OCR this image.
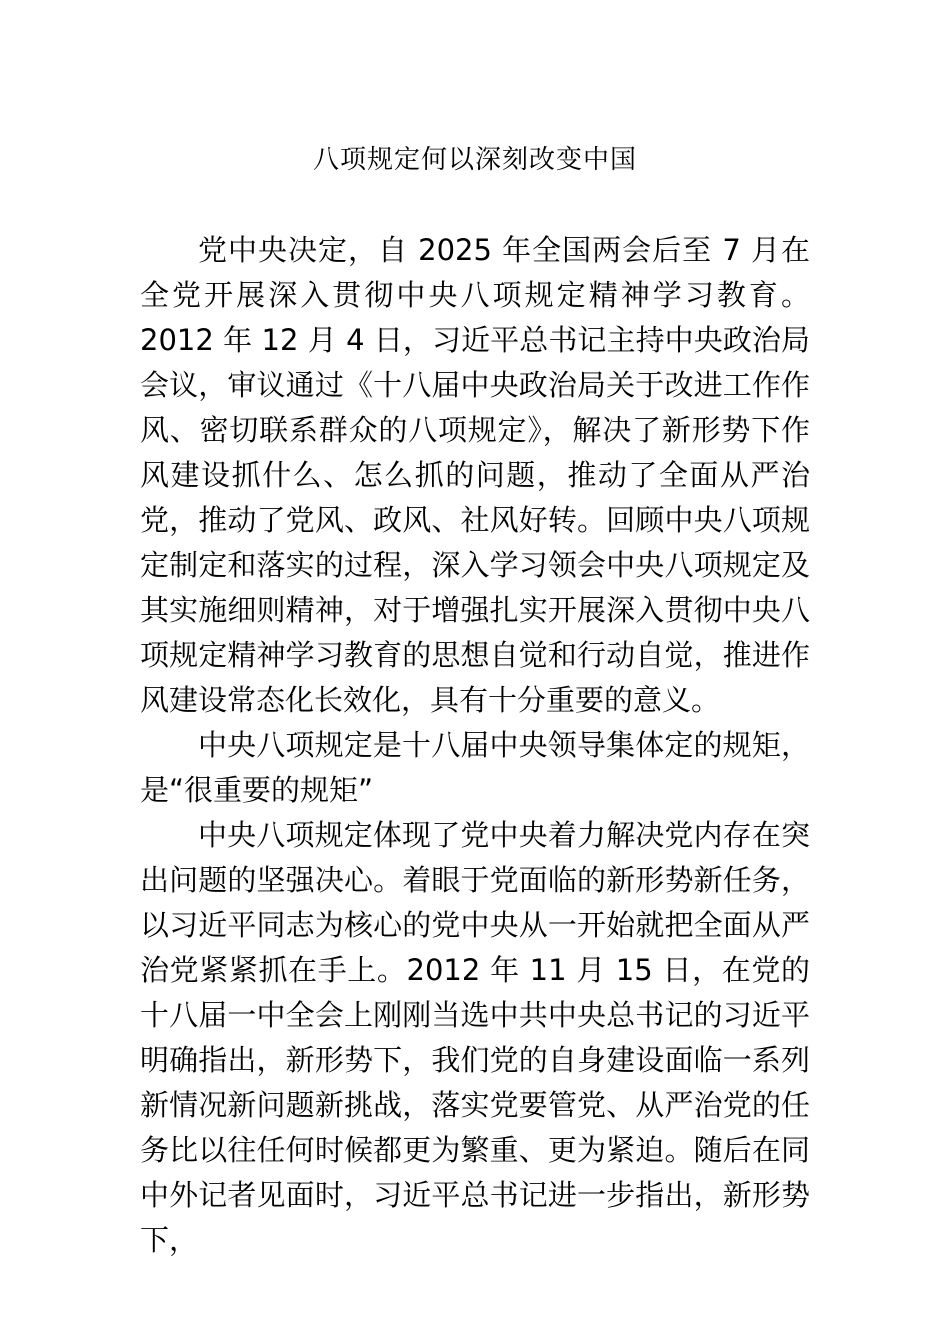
八项规定何以深刻改变中国

党中央决定，自 2025 年全国两会后至 7 月在全党开展深入贯彻中央八项规定精神学习教育。2012 年 12 月 4 日，习近平总书记主持中央政治局会议，审议通过《十八届中央政治局关于改进工作作风、密切联系群众的八项规定》，解决了新形势下作风建设抓什么、怎么抓的问题，推动了全面从严治党，推动了党风、政风、社风好转。回顾中央八项规定制定和落实的过程，深入学习领会中央八项规定及其实施细则精神，对于增强扎实开展深入贯彻中央八项规定精神学习教育的思想自觉和行动自觉，推进作风建设常态化长效化，具有十分重要的意义。

中央八项规定是十八届中央领导集体定的规矩，是“很重要的规矩”

中央八项规定体现了党中央着力解决党内存在突出问题的坚强决心。着眼于党面临的新形势新任务，以习近平同志为核心的党中央从一开始就把全面从严治党紧紧抓在手上。2012 年 11 月 15 日，在党的十八届一中全会上刚刚当选中共中央总书记的习近平明确指出，新形势下，我们党的自身建设面临一系列新情况新问题新挑战，落实党要管党、从严治党的任务比以往任何时候都更为繁重、更为紧迫。随后在同中外记者见面时，习近平总书记进一步指出，新形势下，
